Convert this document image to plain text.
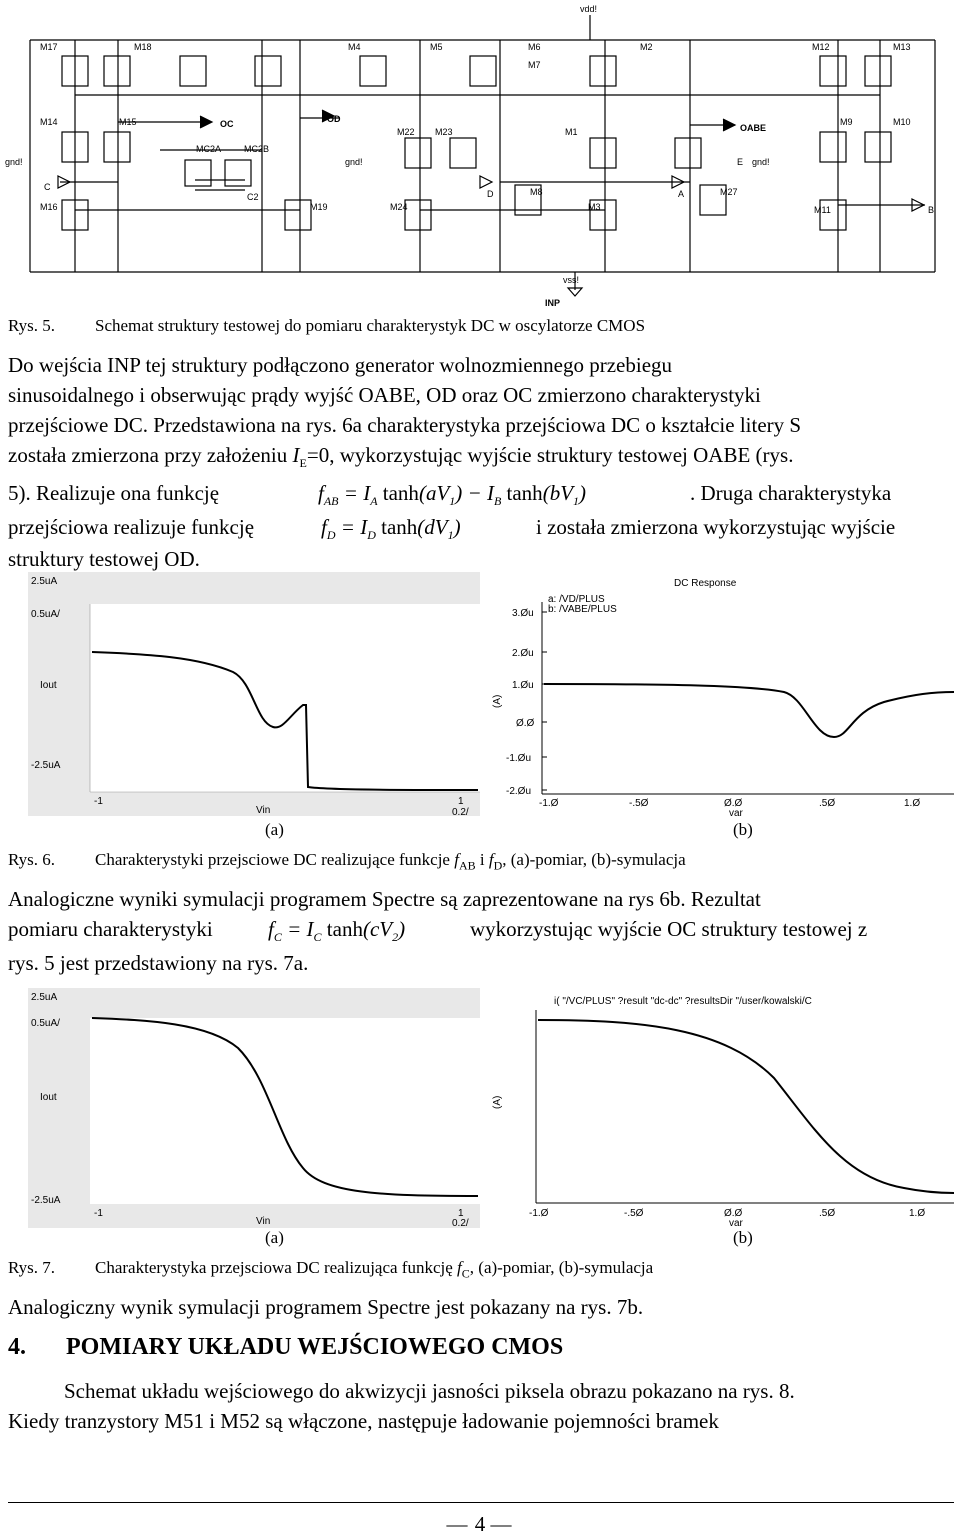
vdd!
vss!
M17	M18	M4	M5	M6
M7
M2	M12	M13
M14	M15
MC2A	MC2B
M22 M23	M1
M9	M10
M16	M19	M24
M8
M3
M27
M11
C2
gnd!	gnd!	gnd!
OC	OD
OABE
INP
C
B
A
D
E
Rys. 5. Schemat struktury testowej do pomiaru charakterystyk DC w oscylatorze CMOS
Do wejścia INP tej struktury podłączono generator wolnozmiennego przebiegu
sinusoidalnego i obserwując prądy wyjść OABE, OD oraz OC zmierzono charakterystyki
przejściowe DC. Przedstawiona na rys. 6a charakterystyka przejściowa DC o kształcie litery S
została zmierzona przy założeniu $I_E=0$, wykorzystując wyjście struktury testowej OABE (rys.
5). Realizuje ona funkcję	$f_{AB} = I_A$ $\tanh(aV_1) - I_B$ $\tanh(bV_1)$	. Druga charakterystyka
przejściowa realizuje funkcję	$f_D = I_D$ $\tanh(dV_1)$	i została zmierzona wykorzystując wyjście
struktury testowej OD.
2.5uA
0.5uA/
Iout
-2.5uA
-1
Vin
1
0.2/
DC Response
a: /VD/PLUS
b: /VABE/PLUS
3.Øu
2.Øu
1.Øu
Ø.Ø
-1.Øu
-2.Øu
(A)
-1.Ø	-.5Ø	Ø.Ø	.5Ø	1.Ø
var
(a)	(b)
Rys. 6. Charakterystyki przejsciowe DC realizujące funkcje $f_{AB}$ i $f_D$, (a)-pomiar, (b)-symulacja
Analogiczne wyniki symulacji programem Spectre są zaprezentowane na rys 6b. Rezultat
pomiaru charakterystyki	$f_C = I_C$ $\tanh(cV_2)$	wykorzystując wyjście OC struktury testowej z
rys. 5 jest przedstawiony na rys. 7a.
2.5uA
0.5uA/
Iout
-2.5uA
-1
Vin
1
0.2/
i( "/VC/PLUS" ?result "dc-dc" ?resultsDir "/user/kowalski/C
(A)
-1.Ø	-.5Ø	Ø.Ø	.5Ø	1.Ø
var
(a)	(b)
Rys. 7. Charakterystyka przejsciowa DC realizująca funkcję $f_C$, (a)-pomiar, (b)-symulacja
Analogiczny wynik symulacji programem Spectre jest pokazany na rys. 7b.
4. POMIARY UKŁADU WEJŚCIOWEGO CMOS
Schemat układu wejściowego do akwizycji jasności piksela obrazu pokazano na rys. 8.
Kiedy tranzystory M51 i M52 są włączone, następuje ładowanie pojemności bramek
— 4 —
